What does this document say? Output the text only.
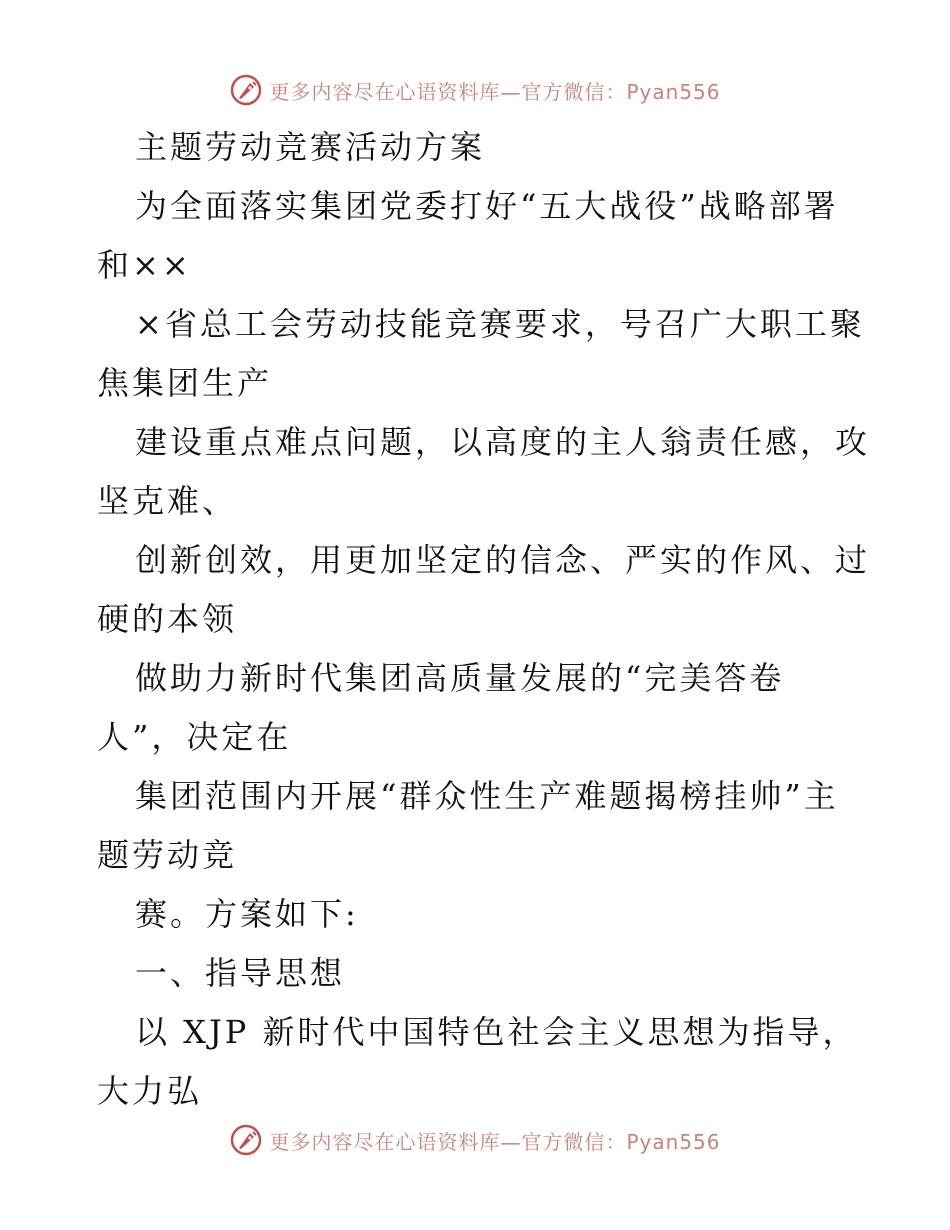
更多内容尽在心语资料库—官方微信：Pyan556
主题劳动竞赛活动方案
为全面落实集团党委打好“五大战役”战略部署
和××
×省总工会劳动技能竞赛要求，号召广大职工聚
焦集团生产
建设重点难点问题，以高度的主人翁责任感，攻
坚克难、
创新创效，用更加坚定的信念、严实的作风、过
硬的本领
做助力新时代集团高质量发展的“完美答卷
人”，决定在
集团范围内开展“群众性生产难题揭榜挂帅”主
题劳动竞
赛。方案如下:
一、指导思想
以 XJP 新时代中国特色社会主义思想为指导，
大力弘
更多内容尽在心语资料库—官方微信：Pyan556
